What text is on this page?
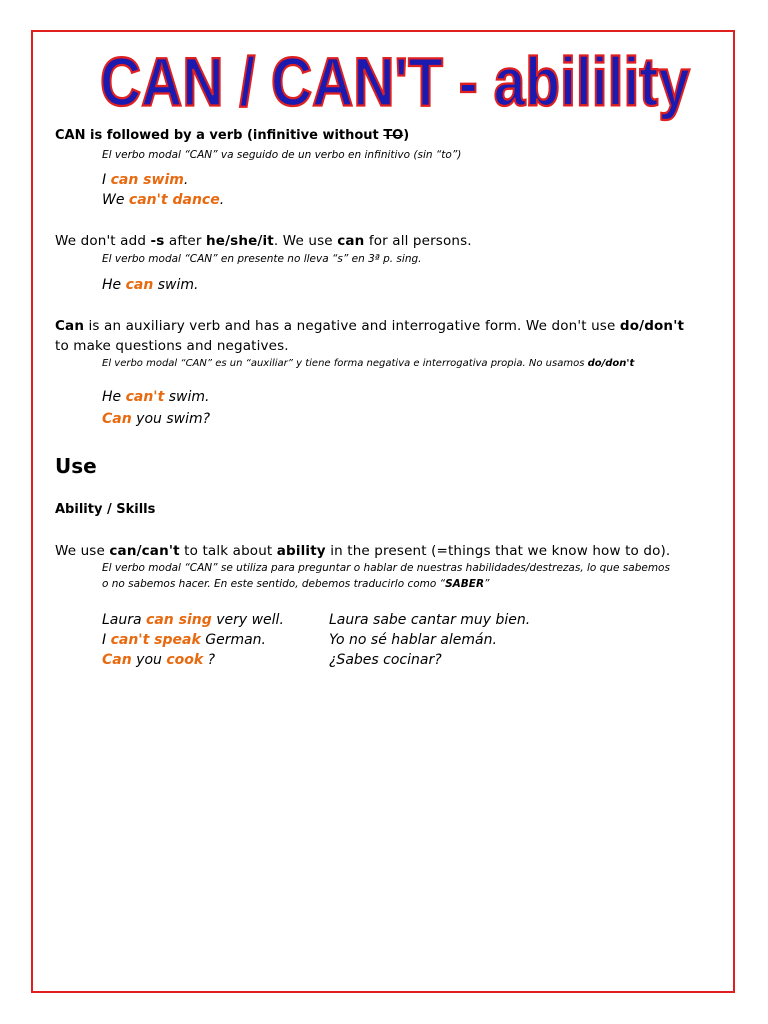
CAN / CAN'T - abilility
CAN is followed by a verb (infinitive without TO)
El verbo modal “CAN” va seguido de un verbo en infinitivo (sin “to”)
I can swim.
We can't dance.
We don't add -s after he/she/it. We use can for all persons.
El verbo modal “CAN” en presente no lleva “s” en 3ª p. sing.
He can swim.
Can is an auxiliary verb and has a negative and interrogative form. We don't use do/don't
to make questions and negatives.
El verbo modal “CAN” es un “auxiliar” y tiene forma negativa e interrogativa propia. No usamos do/don't
He can't swim.
Can you swim?
Use
Ability / Skills
We use can/can't to talk about ability in the present (=things that we know how to do).
El verbo modal “CAN” se utiliza para preguntar o hablar de nuestras habilidades/destrezas, lo que sabemos
o no sabemos hacer. En este sentido, debemos traducirlo como “SABER”
Laura can sing very well.	Laura sabe cantar muy bien.
I can't speak German.	Yo no sé hablar alemán.
Can you cook ?	¿Sabes cocinar?
